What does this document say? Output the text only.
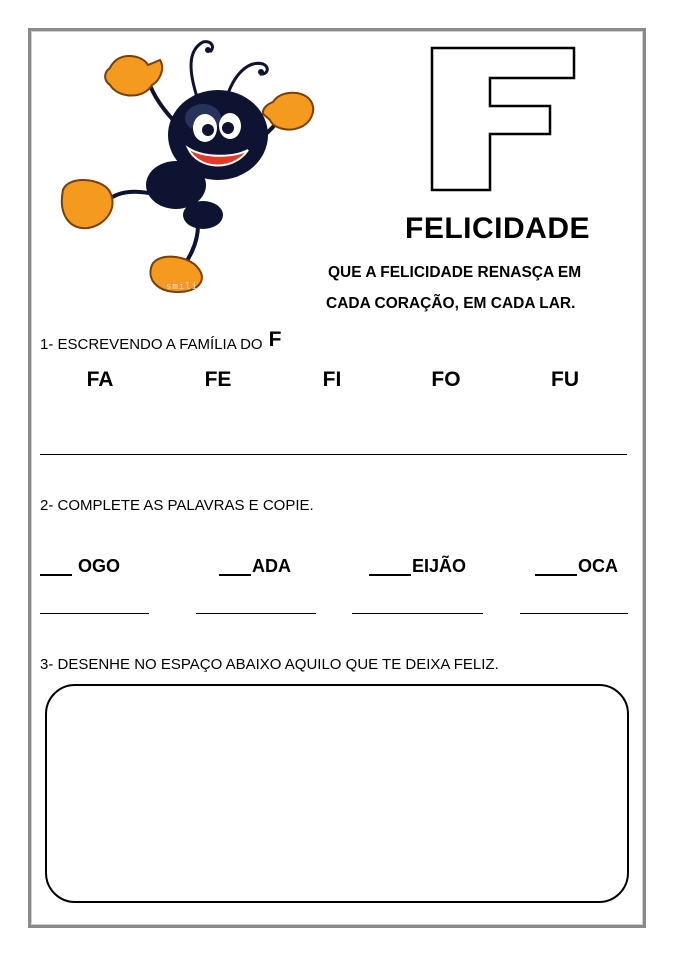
smili
F
FELICIDADE
QUE A FELICIDADE RENASÇA EM
CADA CORAÇÃO, EM CADA LAR.
1- ESCREVENDO A FAMÍLIA DO F
FA	FE	FI	FO	FU
2- COMPLETE AS PALAVRAS E COPIE.
OGO	ADA	EIJÃO	OCA
3- DESENHE NO ESPAÇO ABAIXO AQUILO QUE TE DEIXA FELIZ.
